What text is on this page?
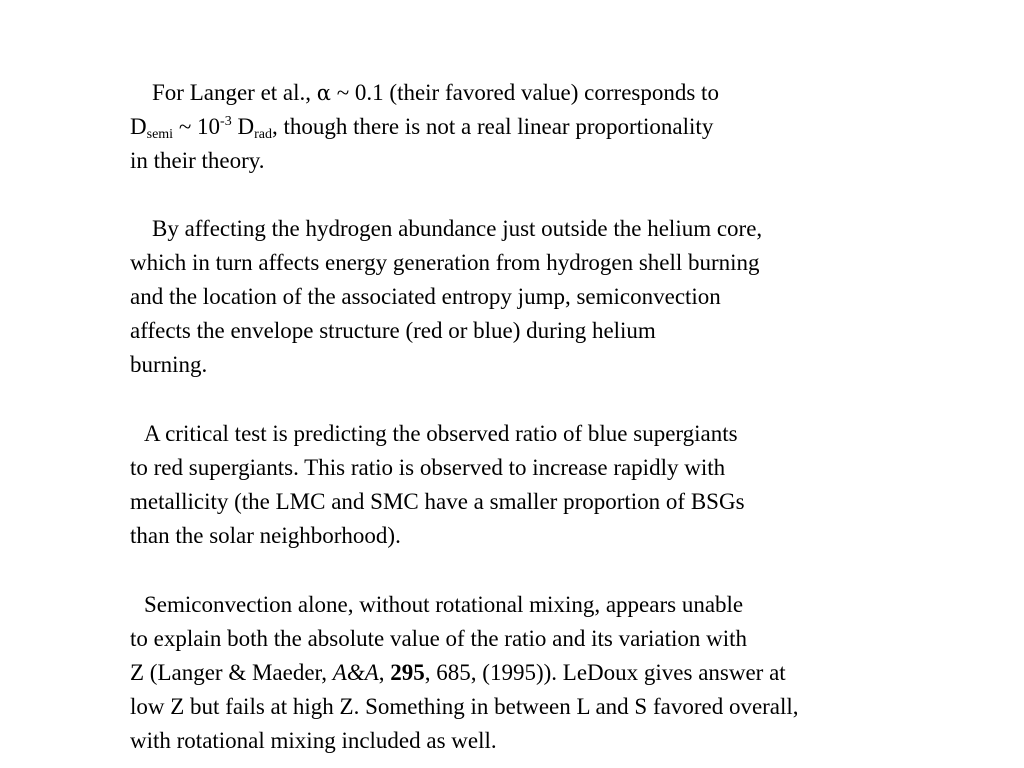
For Langer et al., α ~ 0.1 (their favored value) corresponds to
$D_{semi}$ ~ $10^{-3}$ $D_{rad}$, though there is not a real linear proportionality
in their theory.
By affecting the hydrogen abundance just outside the helium core,
which in turn affects energy generation from hydrogen shell burning
and the location of the associated entropy jump, semiconvection
affects the envelope structure (red or blue) during helium
burning.
A critical test is predicting the observed ratio of blue supergiants
to red supergiants. This ratio is observed to increase rapidly with
metallicity (the LMC and SMC have a smaller proportion of BSGs
than the solar neighborhood).
Semiconvection alone, without rotational mixing, appears unable
to explain both the absolute value of the ratio and its variation with
Z (Langer & Maeder, A&A, 295, 685, (1995)). LeDoux gives answer at
low Z but fails at high Z. Something in between L and S favored overall,
with rotational mixing included as well.
